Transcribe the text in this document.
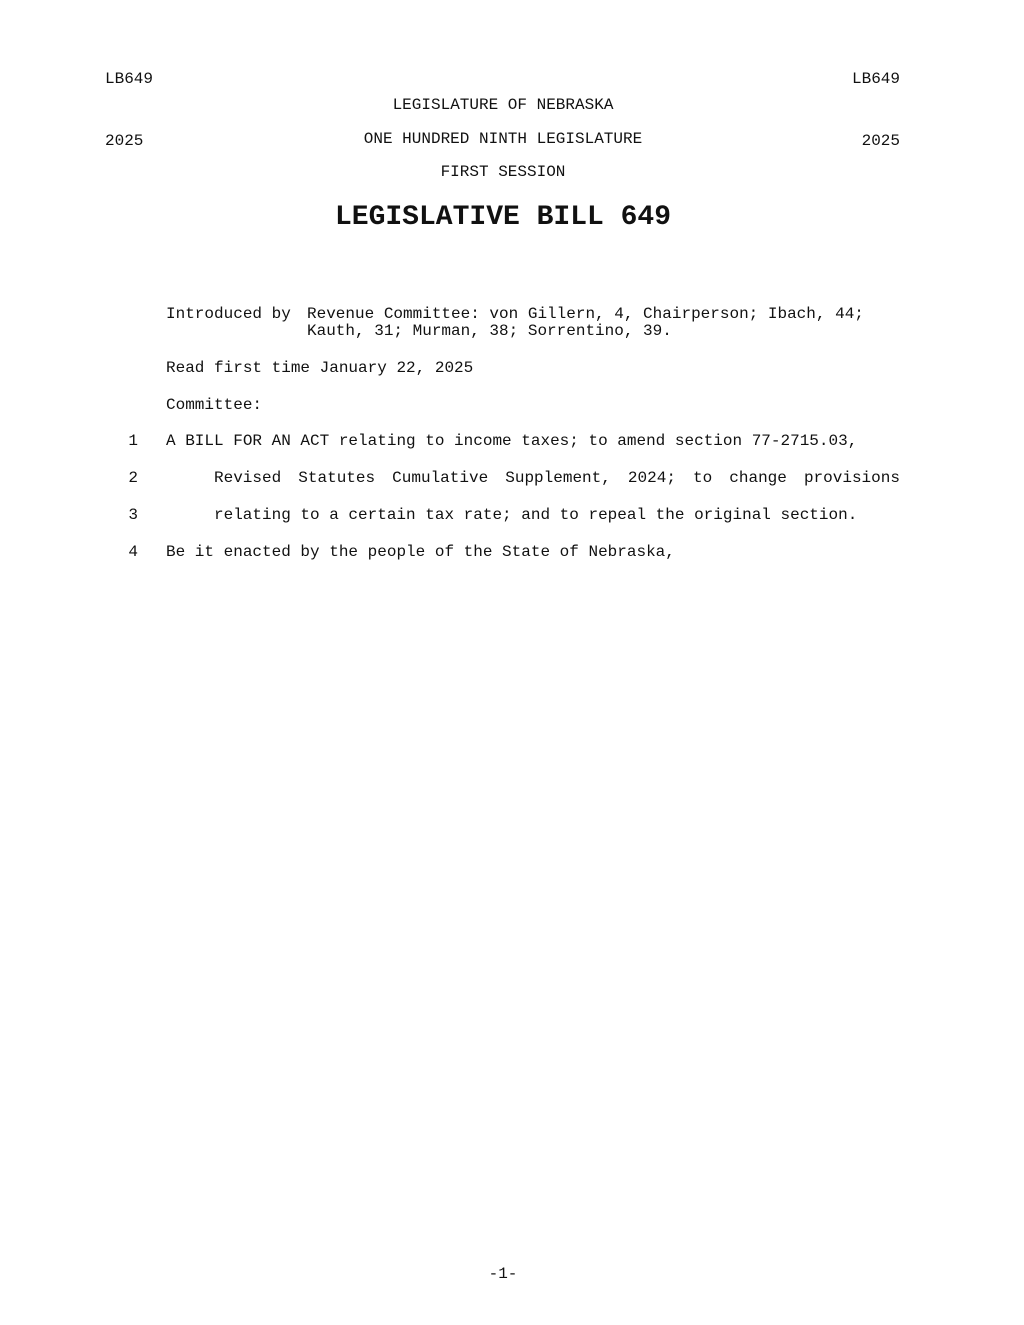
LB649

2025

LB649

2025

LEGISLATURE OF NEBRASKA
ONE HUNDRED NINTH LEGISLATURE
FIRST SESSION
LEGISLATIVE BILL 649
Introduced by Revenue Committee: von Gillern, 4, Chairperson; Ibach, 44;
Kauth, 31; Murman, 38; Sorrentino, 39.
Read first time January 22, 2025
Committee:
1 A BILL FOR AN ACT relating to income taxes; to amend section 77-2715.03,
2	Revised Statutes Cumulative Supplement, 2024; to change provisions
3	relating to a certain tax rate; and to repeal the original section.
4 Be it enacted by the people of the State of Nebraska,
-1-
